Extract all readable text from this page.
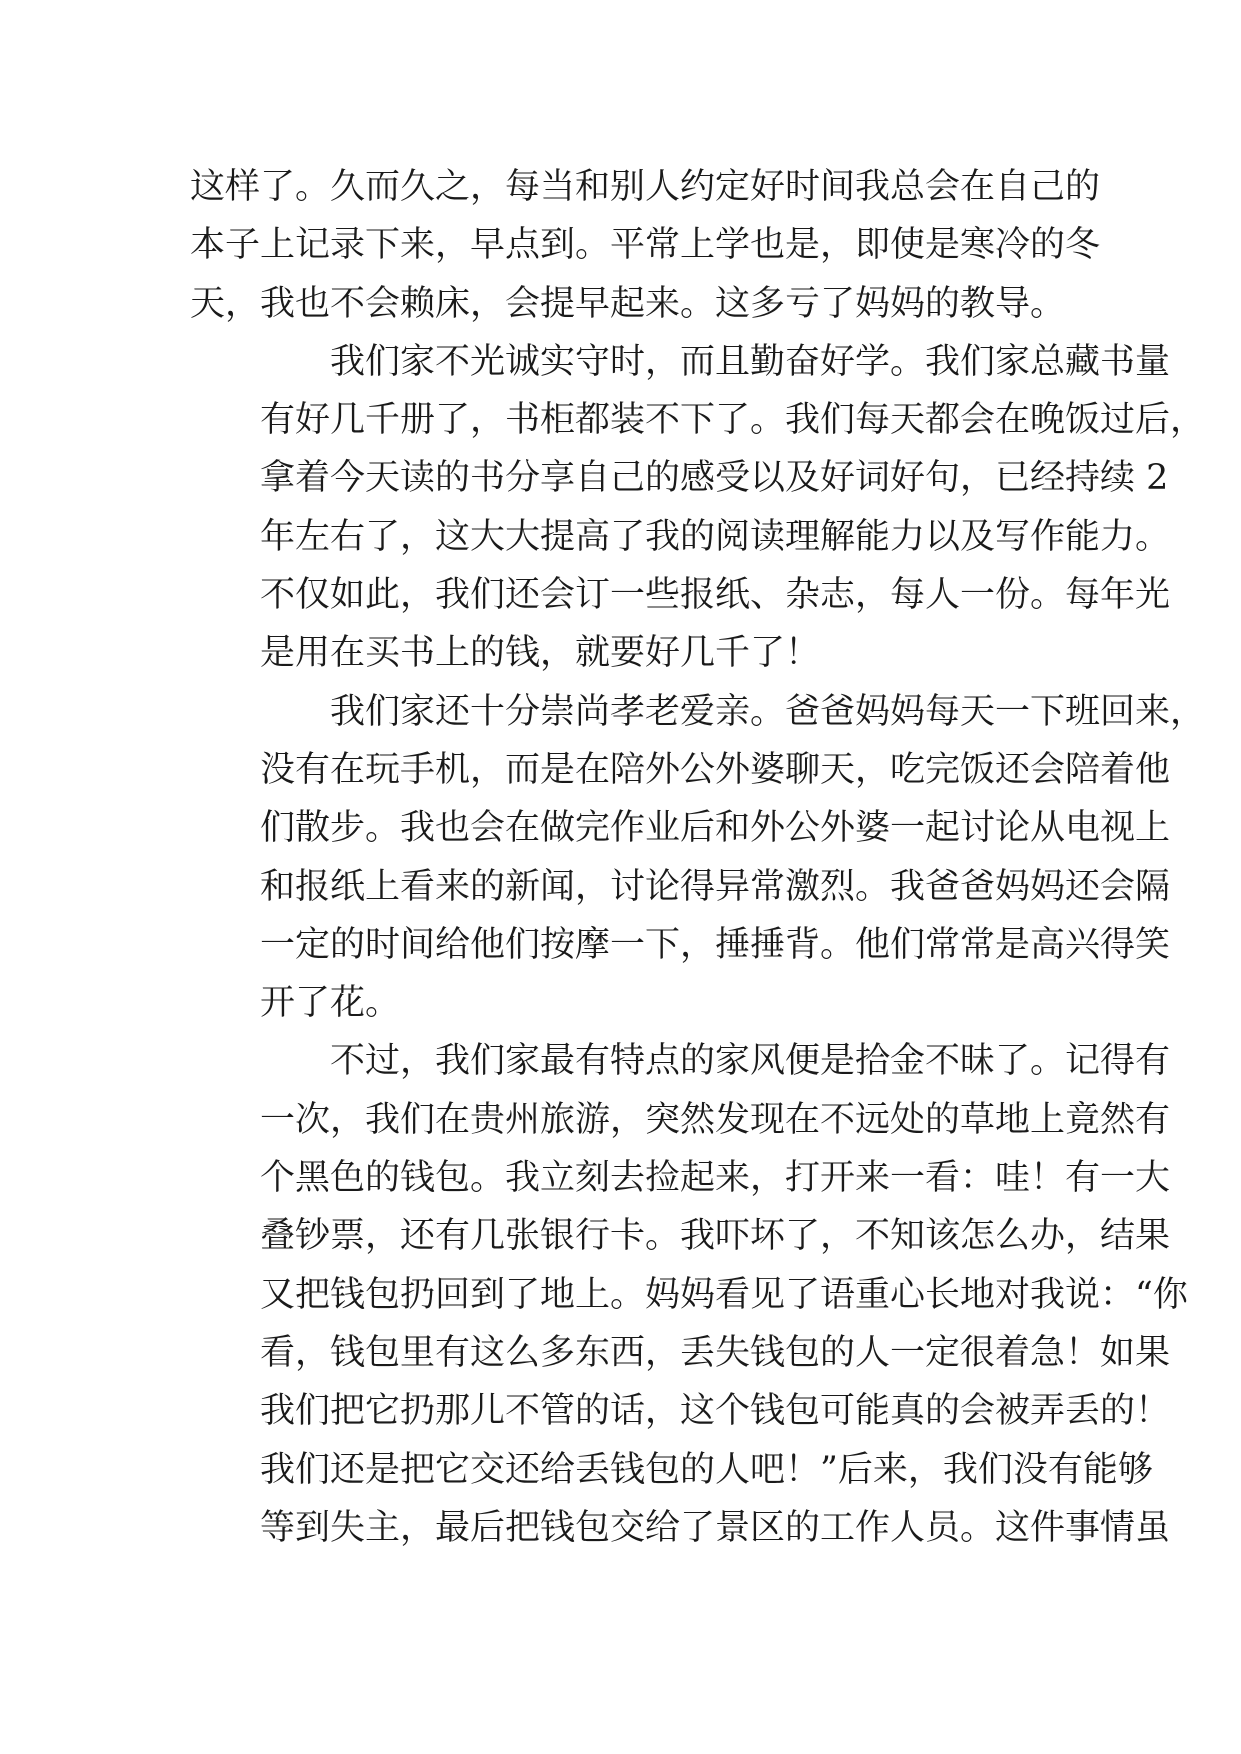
这样了。久而久之，每当和别人约定好时间我总会在自己的
本子上记录下来，早点到。平常上学也是，即使是寒冷的冬
天，我也不会赖床，会提早起来。这多亏了妈妈的教导。

我们家不光诚实守时，而且勤奋好学。我们家总藏书量
有好几千册了，书柜都装不下了。我们每天都会在晚饭过后，
拿着今天读的书分享自己的感受以及好词好句，已经持续 2
年左右了，这大大提高了我的阅读理解能力以及写作能力。
不仅如此，我们还会订一些报纸、杂志，每人一份。每年光
是用在买书上的钱，就要好几千了！

我们家还十分崇尚孝老爱亲。爸爸妈妈每天一下班回来，
没有在玩手机，而是在陪外公外婆聊天，吃完饭还会陪着他
们散步。我也会在做完作业后和外公外婆一起讨论从电视上
和报纸上看来的新闻，讨论得异常激烈。我爸爸妈妈还会隔
一定的时间给他们按摩一下，捶捶背。他们常常是高兴得笑
开了花。

不过，我们家最有特点的家风便是拾金不昧了。记得有
一次，我们在贵州旅游，突然发现在不远处的草地上竟然有
个黑色的钱包。我立刻去捡起来，打开来一看：哇！有一大
叠钞票，还有几张银行卡。我吓坏了，不知该怎么办，结果
又把钱包扔回到了地上。妈妈看见了语重心长地对我说：“你
看，钱包里有这么多东西，丢失钱包的人一定很着急！如果
我们把它扔那儿不管的话，这个钱包可能真的会被弄丢的！
我们还是把它交还给丢钱包的人吧！”后来，我们没有能够
等到失主，最后把钱包交给了景区的工作人员。这件事情虽
